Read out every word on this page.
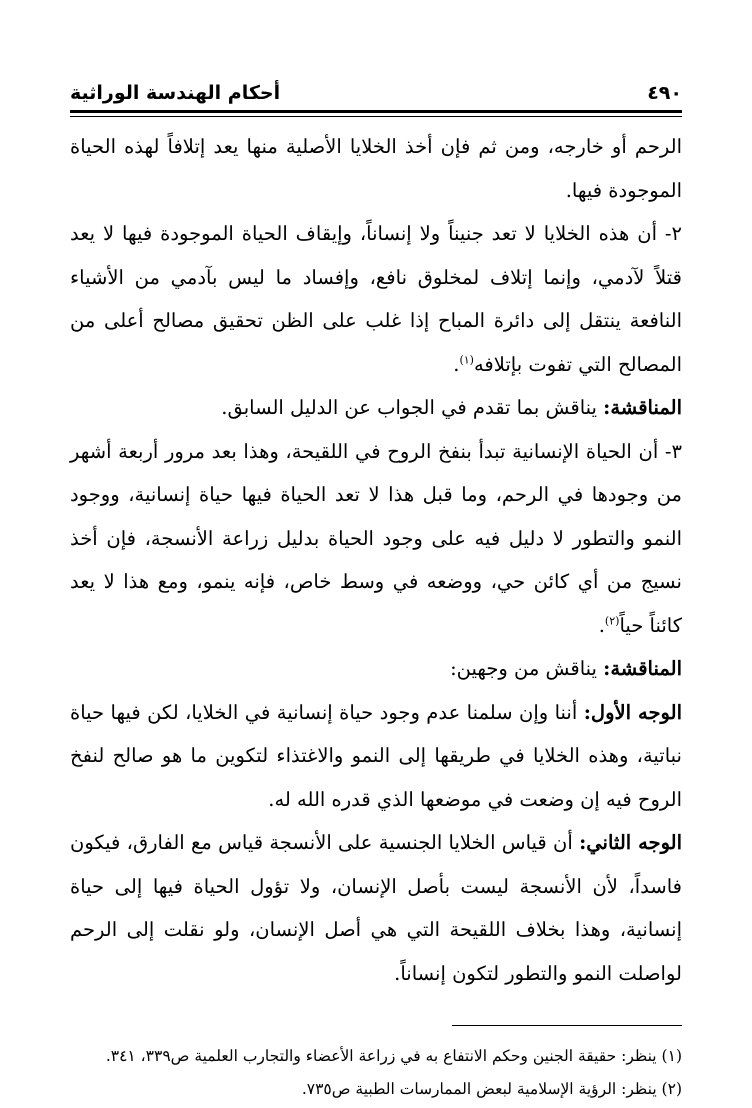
٤٩٠
أحكام الهندسة الوراثية

الرحم أو خارجه، ومن ثم فإن أخذ الخلايا الأصلية منها يعد إتلافاً لهذه الحياة الموجودة فيها.

٢- أن هذه الخلايا لا تعد جنيناً ولا إنساناً، وإيقاف الحياة الموجودة فيها لا يعد قتلاً لآدمي، وإنما إتلاف لمخلوق نافع، وإفساد ما ليس بآدمي من الأشياء النافعة ينتقل إلى دائرة المباح إذا غلب على الظن تحقيق مصالح أعلى من المصالح التي تفوت بإتلافه$^{(١)}$.

المناقشة: يناقش بما تقدم في الجواب عن الدليل السابق.

٣- أن الحياة الإنسانية تبدأ بنفخ الروح في اللقيحة، وهذا بعد مرور أربعة أشهر من وجودها في الرحم، وما قبل هذا لا تعد الحياة فيها حياة إنسانية، ووجود النمو والتطور لا دليل فيه على وجود الحياة بدليل زراعة الأنسجة، فإن أخذ نسيج من أي كائن حي، ووضعه في وسط خاص، فإنه ينمو، ومع هذا لا يعد كائناً حياً$^{(٢)}$.

المناقشة: يناقش من وجهين:

الوجه الأول: أننا وإن سلمنا عدم وجود حياة إنسانية في الخلايا، لكن فيها حياة نباتية، وهذه الخلايا في طريقها إلى النمو والاغتذاء لتكوين ما هو صالح لنفخ الروح فيه إن وضعت في موضعها الذي قدره الله له.

الوجه الثاني: أن قياس الخلايا الجنسية على الأنسجة قياس مع الفارق، فيكون فاسداً، لأن الأنسجة ليست بأصل الإنسان، ولا تؤول الحياة فيها إلى حياة إنسانية، وهذا بخلاف اللقيحة التي هي أصل الإنسان، ولو نقلت إلى الرحم لواصلت النمو والتطور لتكون إنساناً.

(١) ينظر: حقيقة الجنين وحكم الانتفاع به في زراعة الأعضاء والتجارب العلمية ص٣٣٩، ٣٤١.

(٢) ينظر: الرؤية الإسلامية لبعض الممارسات الطبية ص٧٣٥.
